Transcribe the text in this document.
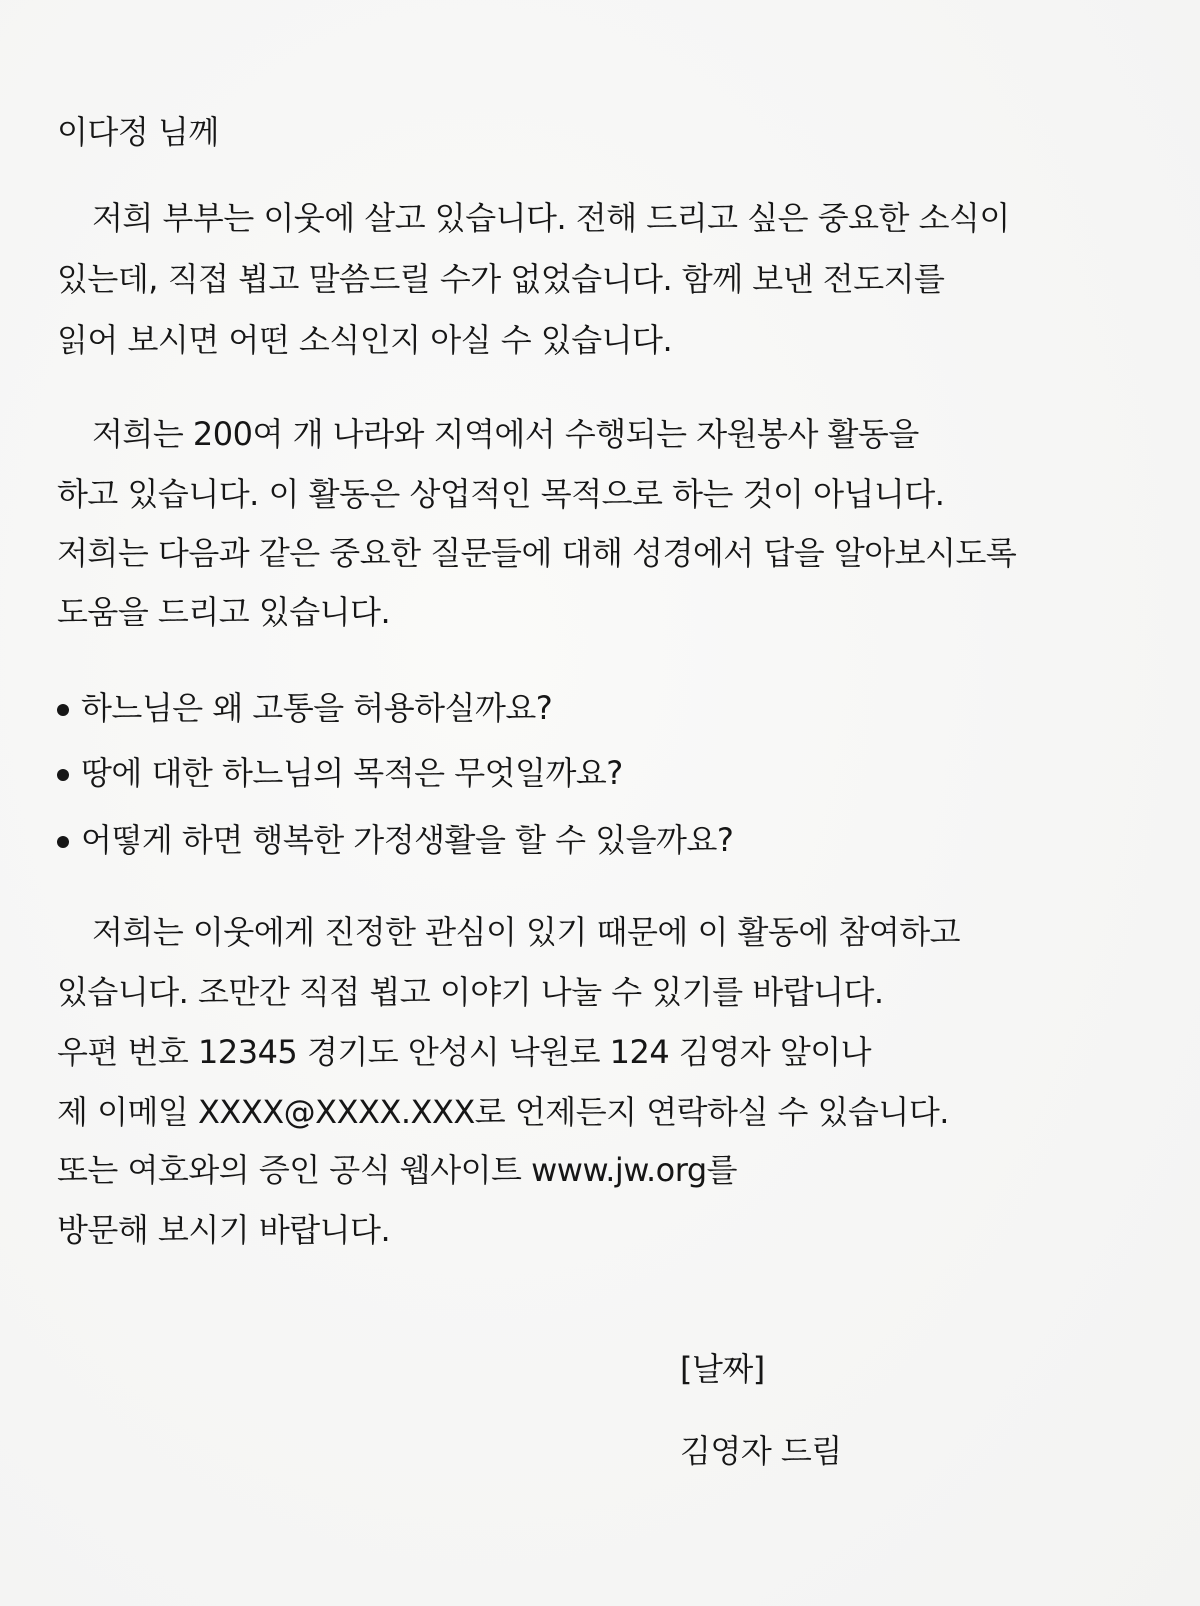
이다정 님께
저희 부부는 이웃에 살고 있습니다. 전해 드리고 싶은 중요한 소식이
있는데, 직접 뵙고 말씀드릴 수가 없었습니다. 함께 보낸 전도지를
읽어 보시면 어떤 소식인지 아실 수 있습니다.
저희는 200여 개 나라와 지역에서 수행되는 자원봉사 활동을
하고 있습니다. 이 활동은 상업적인 목적으로 하는 것이 아닙니다.
저희는 다음과 같은 중요한 질문들에 대해 성경에서 답을 알아보시도록
도움을 드리고 있습니다.
하느님은 왜 고통을 허용하실까요?
땅에 대한 하느님의 목적은 무엇일까요?
어떻게 하면 행복한 가정생활을 할 수 있을까요?
저희는 이웃에게 진정한 관심이 있기 때문에 이 활동에 참여하고
있습니다. 조만간 직접 뵙고 이야기 나눌 수 있기를 바랍니다.
우편 번호 12345 경기도 안성시 낙원로 124 김영자 앞이나
제 이메일 XXXX@XXXX.XXX로 언제든지 연락하실 수 있습니다.
또는 여호와의 증인 공식 웹사이트 www.jw.org를
방문해 보시기 바랍니다.
[날짜]
김영자 드림
